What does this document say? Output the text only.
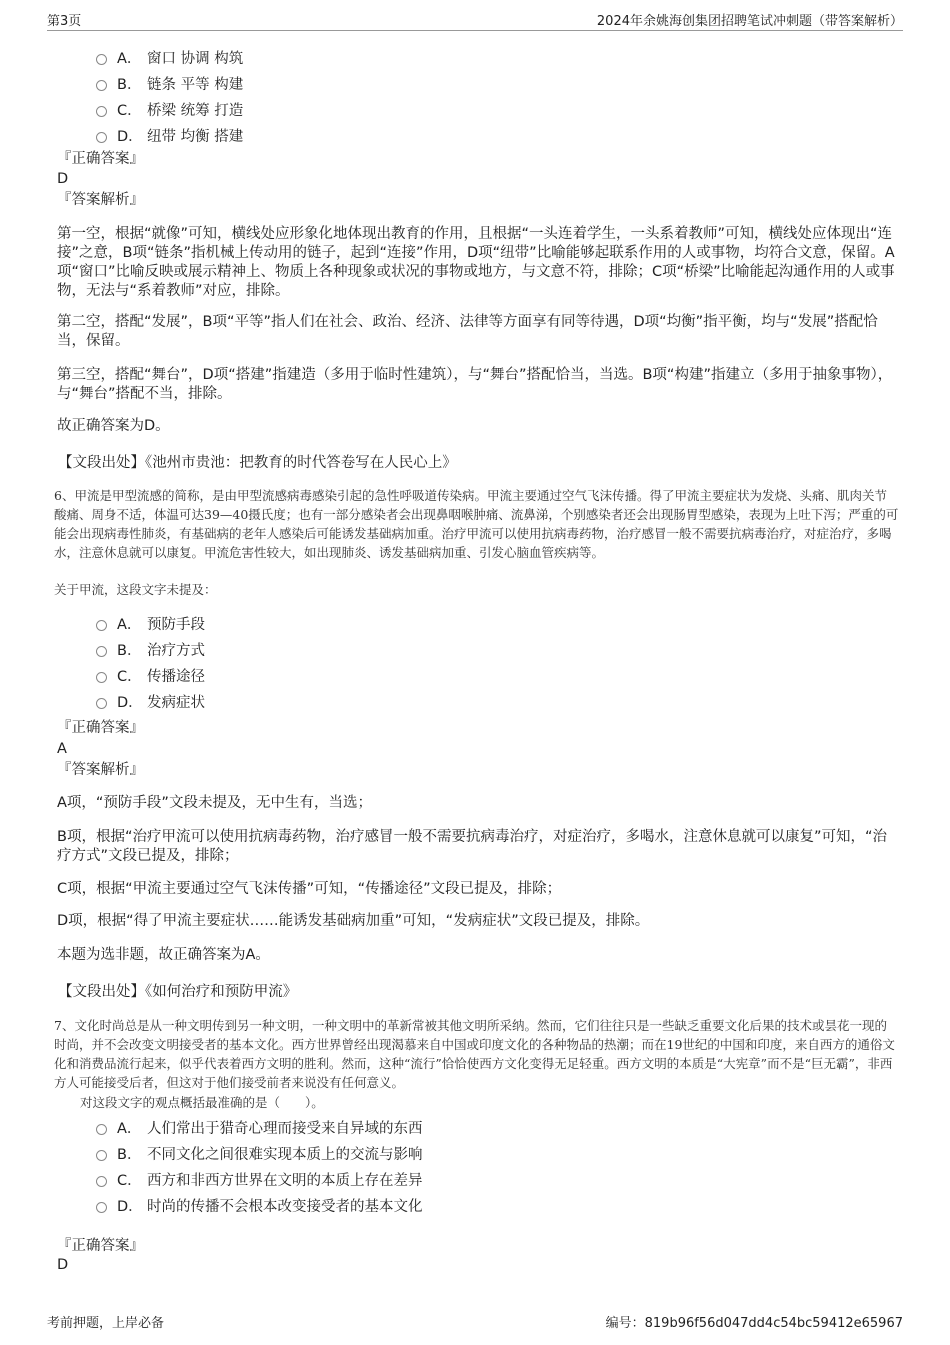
第3页	2024年余姚海创集团招聘笔试冲刺题（带答案解析）
A． 窗口 协调 构筑
B． 链条 平等 构建
C． 桥梁 统筹 打造
D． 纽带 均衡 搭建
『正确答案』
D
『答案解析』

第一空，根据“就像”可知，横线处应形象化地体现出教育的作用，且根据“一头连着学生，一头系着教师”可知，横线处应体现出“连接”之意，B项“链条”指机械上传动用的链子，起到“连接”作用，D项“纽带”比喻能够起联系作用的人或事物，均符合文意，保留。A项“窗口”比喻反映或展示精神上、物质上各种现象或状况的事物或地方，与文意不符，排除；C项“桥梁”比喻能起沟通作用的人或事物，无法与“系着教师”对应，排除。

第二空，搭配“发展”，B项“平等”指人们在社会、政治、经济、法律等方面享有同等待遇，D项“均衡”指平衡，均与“发展”搭配恰当，保留。

第三空，搭配“舞台”，D项“搭建”指建造（多用于临时性建筑），与“舞台”搭配恰当，当选。B项“构建”指建立（多用于抽象事物），与“舞台”搭配不当，排除。

故正确答案为D。

【文段出处】《池州市贵池：把教育的时代答卷写在人民心上》

6、甲流是甲型流感的简称，是由甲型流感病毒感染引起的急性呼吸道传染病。甲流主要通过空气飞沫传播。得了甲流主要症状为发烧、头痛、肌肉关节酸痛、周身不适，体温可达39—40摄氏度；也有一部分感染者会出现鼻咽喉肿痛、流鼻涕，个别感染者还会出现肠胃型感染，表现为上吐下泻；严重的可能会出现病毒性肺炎，有基础病的老年人感染后可能诱发基础病加重。治疗甲流可以使用抗病毒药物，治疗感冒一般不需要抗病毒治疗，对症治疗，多喝水，注意休息就可以康复。甲流危害性较大，如出现肺炎、诱发基础病加重、引发心脑血管疾病等。

关于甲流，这段文字未提及：

A． 预防手段
B． 治疗方式
C． 传播途径
D． 发病症状
『正确答案』
A
『答案解析』

A项，“预防手段”文段未提及，无中生有，当选；

B项，根据“治疗甲流可以使用抗病毒药物，治疗感冒一般不需要抗病毒治疗，对症治疗，多喝水，注意休息就可以康复”可知，“治疗方式”文段已提及，排除；

C项，根据“甲流主要通过空气飞沫传播”可知，“传播途径”文段已提及，排除；

D项，根据“得了甲流主要症状……能诱发基础病加重”可知，“发病症状”文段已提及，排除。

本题为选非题，故正确答案为A。

【文段出处】《如何治疗和预防甲流》

7、文化时尚总是从一种文明传到另一种文明，一种文明中的革新常被其他文明所采纳。然而，它们往往只是一些缺乏重要文化后果的技术或昙花一现的时尚，并不会改变文明接受者的基本文化。西方世界曾经出现渴慕来自中国或印度文化的各种物品的热潮；而在19世纪的中国和印度，来自西方的通俗文化和消费品流行起来，似乎代表着西方文明的胜利。然而，这种“流行”恰恰使西方文化变得无足轻重。西方文明的本质是“大宪章”而不是“巨无霸”，非西方人可能接受后者，但这对于他们接受前者来说没有任何意义。

对这段文字的观点概括最准确的是（　　）。

A． 人们常出于猎奇心理而接受来自异域的东西
B． 不同文化之间很难实现本质上的交流与影响
C． 西方和非西方世界在文明的本质上存在差异
D． 时尚的传播不会根本改变接受者的基本文化
『正确答案』
D
考前押题，上岸必备	编号：819b96f56d047dd4c54bc59412e65967
